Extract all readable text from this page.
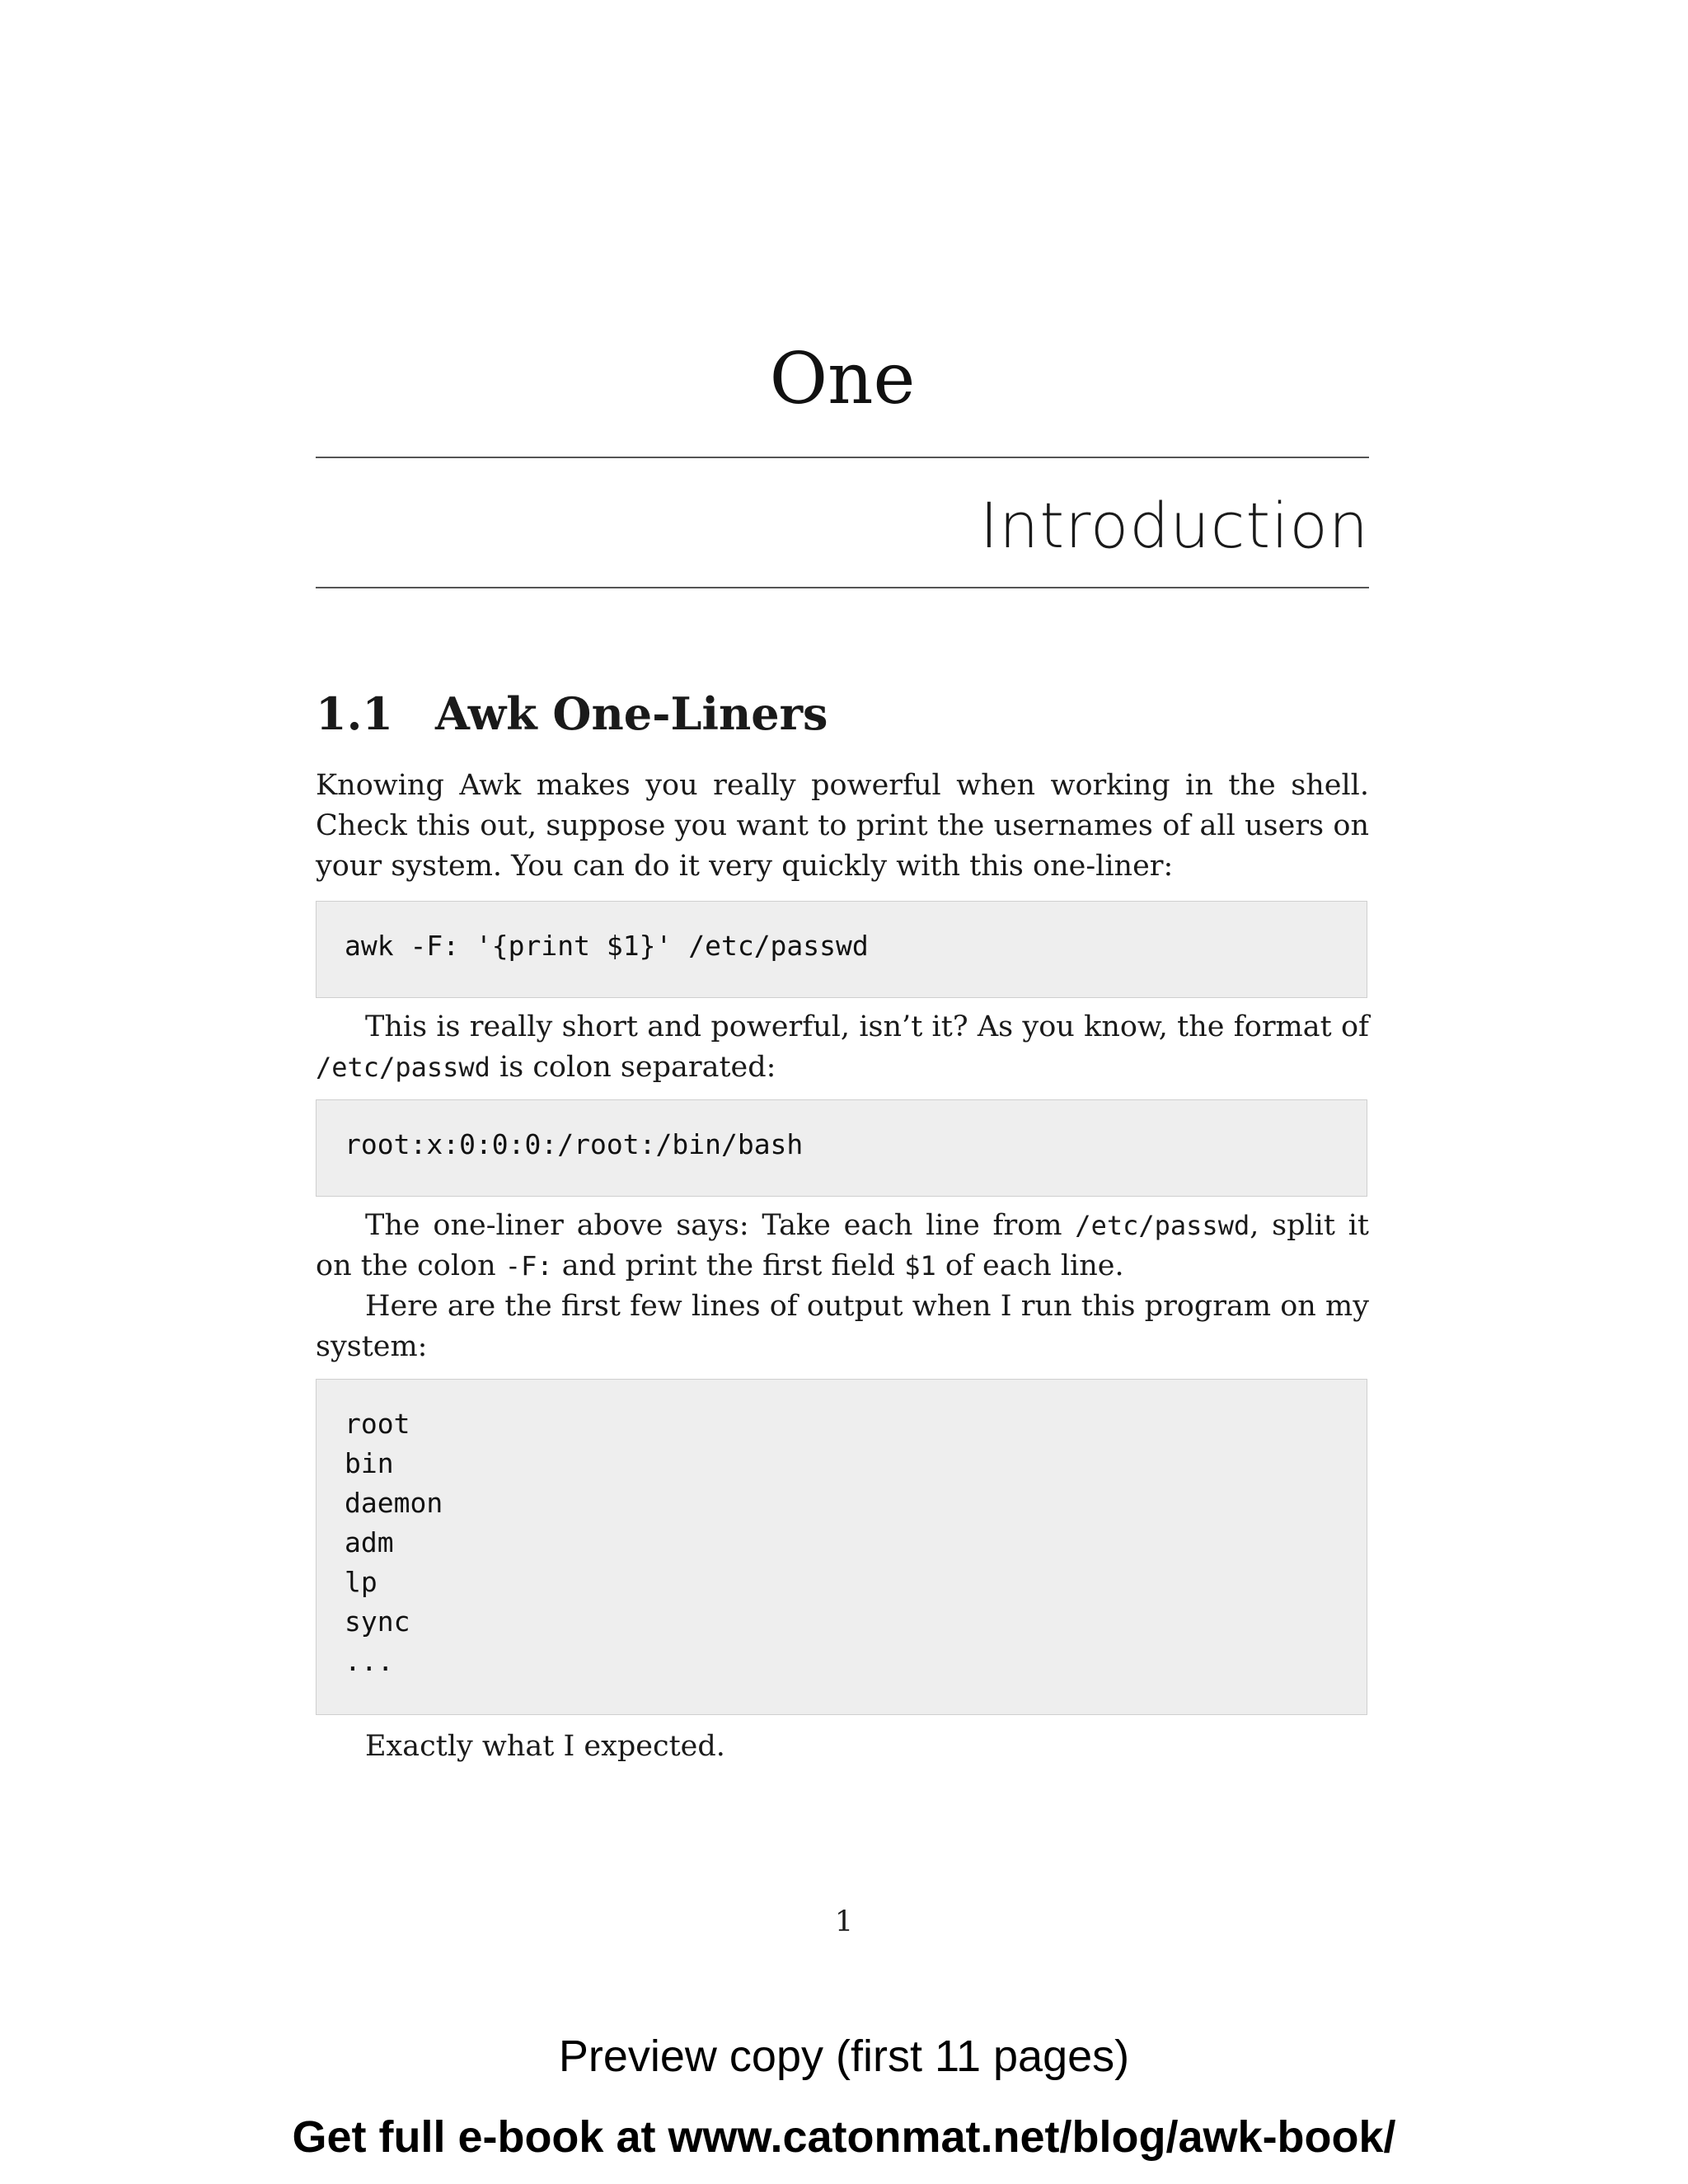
One
Introduction
1.1 Awk One-Liners

Knowing Awk makes you really powerful when working in the shell. Check this out, suppose you want to print the usernames of all users on your system. You can do it very quickly with this one-liner:

awk -F: '{print $1}' /etc/passwd

This is really short and powerful, isn’t it? As you know, the format of /etc/passwd is colon separated:

root:x:0:0:0:/root:/bin/bash

The one-liner above says: Take each line from /etc/passwd, split it on the colon -F: and print the first field $1 of each line.

Here are the first few lines of output when I run this program on my system:

root
bin
daemon
adm
lp
sync
...

Exactly what I expected.

1

Preview copy (first 11 pages)

Get full e-book at www.catonmat.net/blog/awk-book/
